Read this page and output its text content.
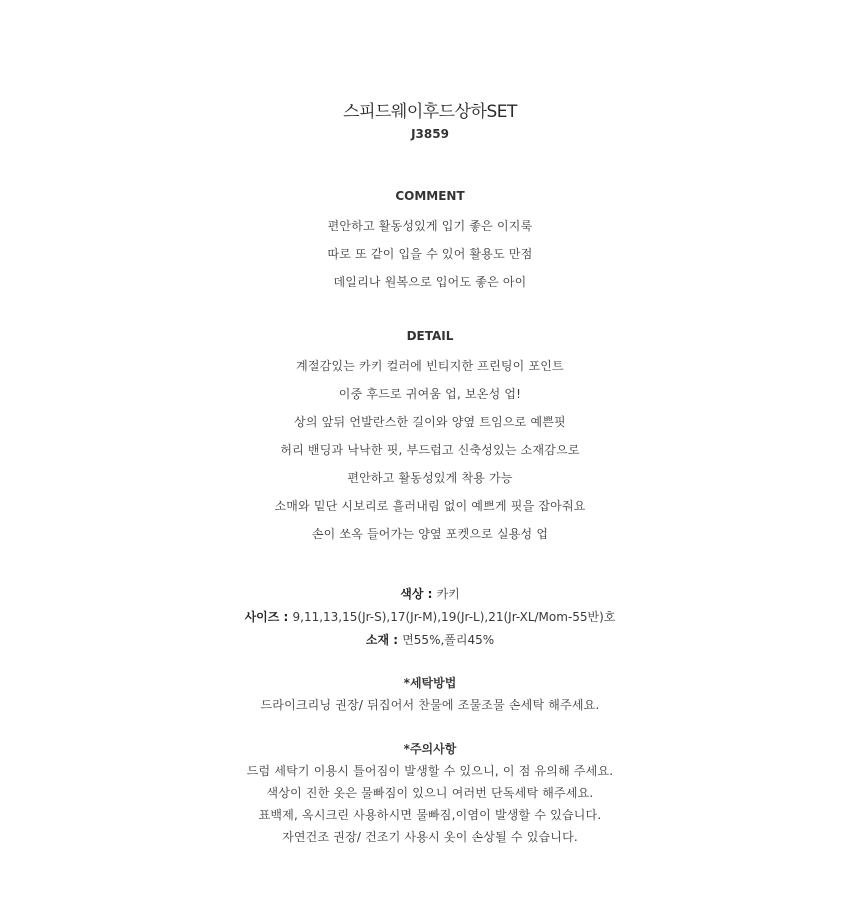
스피드웨이후드상하SET
J3859
COMMENT
편안하고 활동성있게 입기 좋은 이지룩
따로 또 같이 입을 수 있어 활용도 만점
데일리나 원복으로 입어도 좋은 아이
DETAIL
계절감있는 카키 컬러에 빈티지한 프린팅이 포인트
이중 후드로 귀여움 업, 보온성 업!
상의 앞뒤 언발란스한 길이와 양옆 트임으로 예쁜핏
허리 밴딩과 낙낙한 핏, 부드럽고 신축성있는 소재감으로
편안하고 활동성있게 착용 가능
소매와 밑단 시보리로 흘러내림 없이 예쁘게 핏을 잡아줘요
손이 쏘옥 들어가는 양옆 포켓으로 실용성 업
색상 : 카키
사이즈 : 9,11,13,15(Jr-S),17(Jr-M),19(Jr-L),21(Jr-XL/Mom-55반)호
소재 : 면55%,폴리45%
*세탁방법
드라이크리닝 권장/ 뒤집어서 찬물에 조물조물 손세탁 해주세요.
*주의사항
드럼 세탁기 이용시 틀어짐이 발생할 수 있으니, 이 점 유의해 주세요.
색상이 진한 옷은 물빠짐이 있으니 여러번 단독세탁 해주세요.
표백제, 옥시크린 사용하시면 물빠짐,이염이 발생할 수 있습니다.
자연건조 권장/ 건조기 사용시 옷이 손상될 수 있습니다.
